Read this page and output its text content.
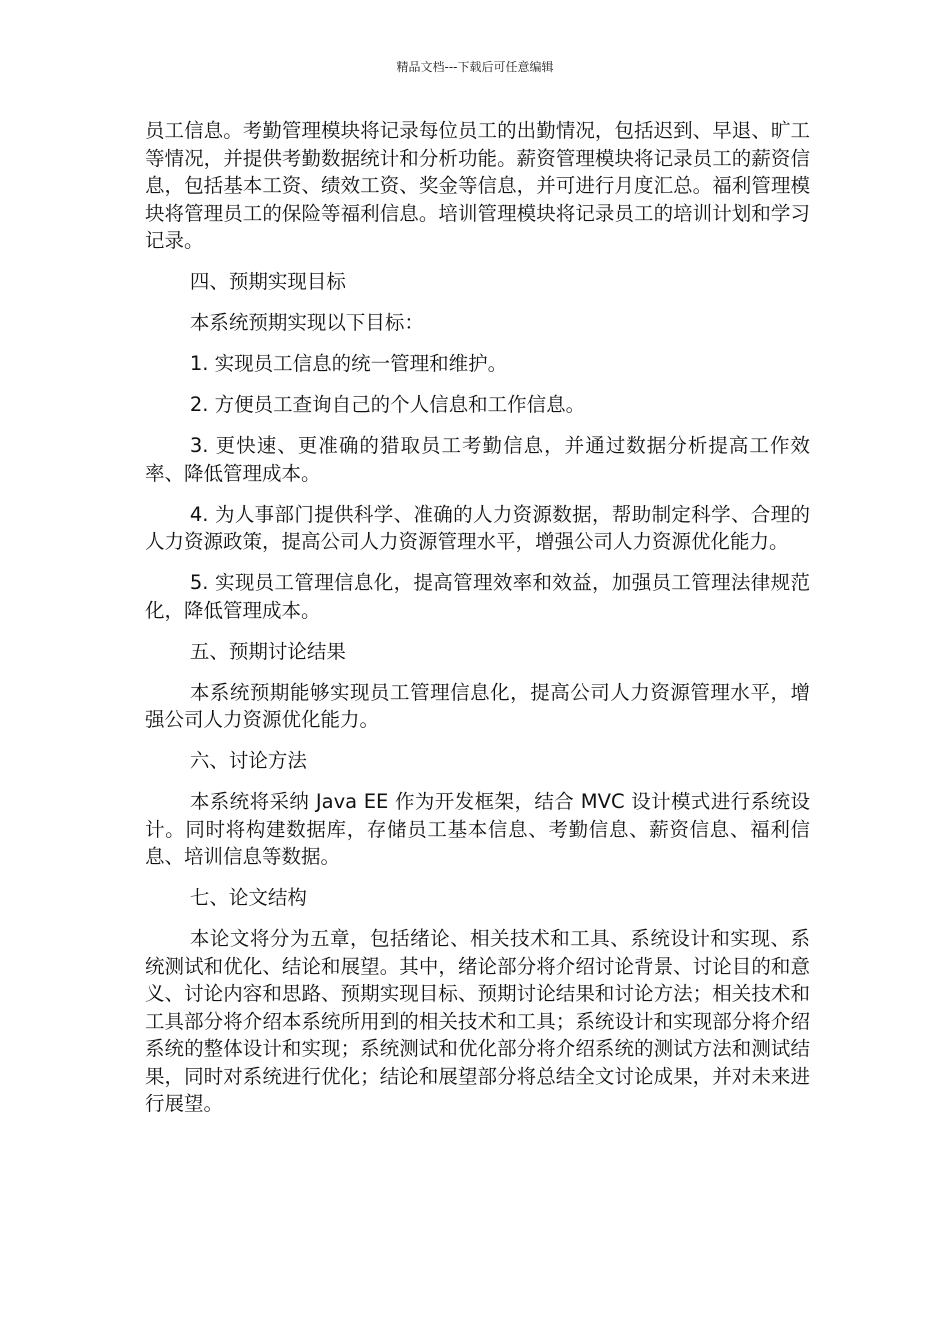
精品文档---下载后可任意编辑

员工信息。考勤管理模块将记录每位员工的出勤情况，包括迟到、早退、旷工等情况，并提供考勤数据统计和分析功能。薪资管理模块将记录员工的薪资信息，包括基本工资、绩效工资、奖金等信息，并可进行月度汇总。福利管理模块将管理员工的保险等福利信息。培训管理模块将记录员工的培训计划和学习记录。

四、预期实现目标

本系统预期实现以下目标：

1. 实现员工信息的统一管理和维护。

2. 方便员工查询自己的个人信息和工作信息。

3. 更快速、更准确的猎取员工考勤信息，并通过数据分析提高工作效率、降低管理成本。

4. 为人事部门提供科学、准确的人力资源数据，帮助制定科学、合理的人力资源政策，提高公司人力资源管理水平，增强公司人力资源优化能力。

5. 实现员工管理信息化，提高管理效率和效益，加强员工管理法律规范化，降低管理成本。

五、预期讨论结果

本系统预期能够实现员工管理信息化，提高公司人力资源管理水平，增强公司人力资源优化能力。

六、讨论方法

本系统将采纳 Java EE 作为开发框架，结合 MVC 设计模式进行系统设计。同时将构建数据库，存储员工基本信息、考勤信息、薪资信息、福利信息、培训信息等数据。

七、论文结构

本论文将分为五章，包括绪论、相关技术和工具、系统设计和实现、系统测试和优化、结论和展望。其中，绪论部分将介绍讨论背景、讨论目的和意义、讨论内容和思路、预期实现目标、预期讨论结果和讨论方法；相关技术和工具部分将介绍本系统所用到的相关技术和工具；系统设计和实现部分将介绍系统的整体设计和实现；系统测试和优化部分将介绍系统的测试方法和测试结果，同时对系统进行优化；结论和展望部分将总结全文讨论成果，并对未来进行展望。
